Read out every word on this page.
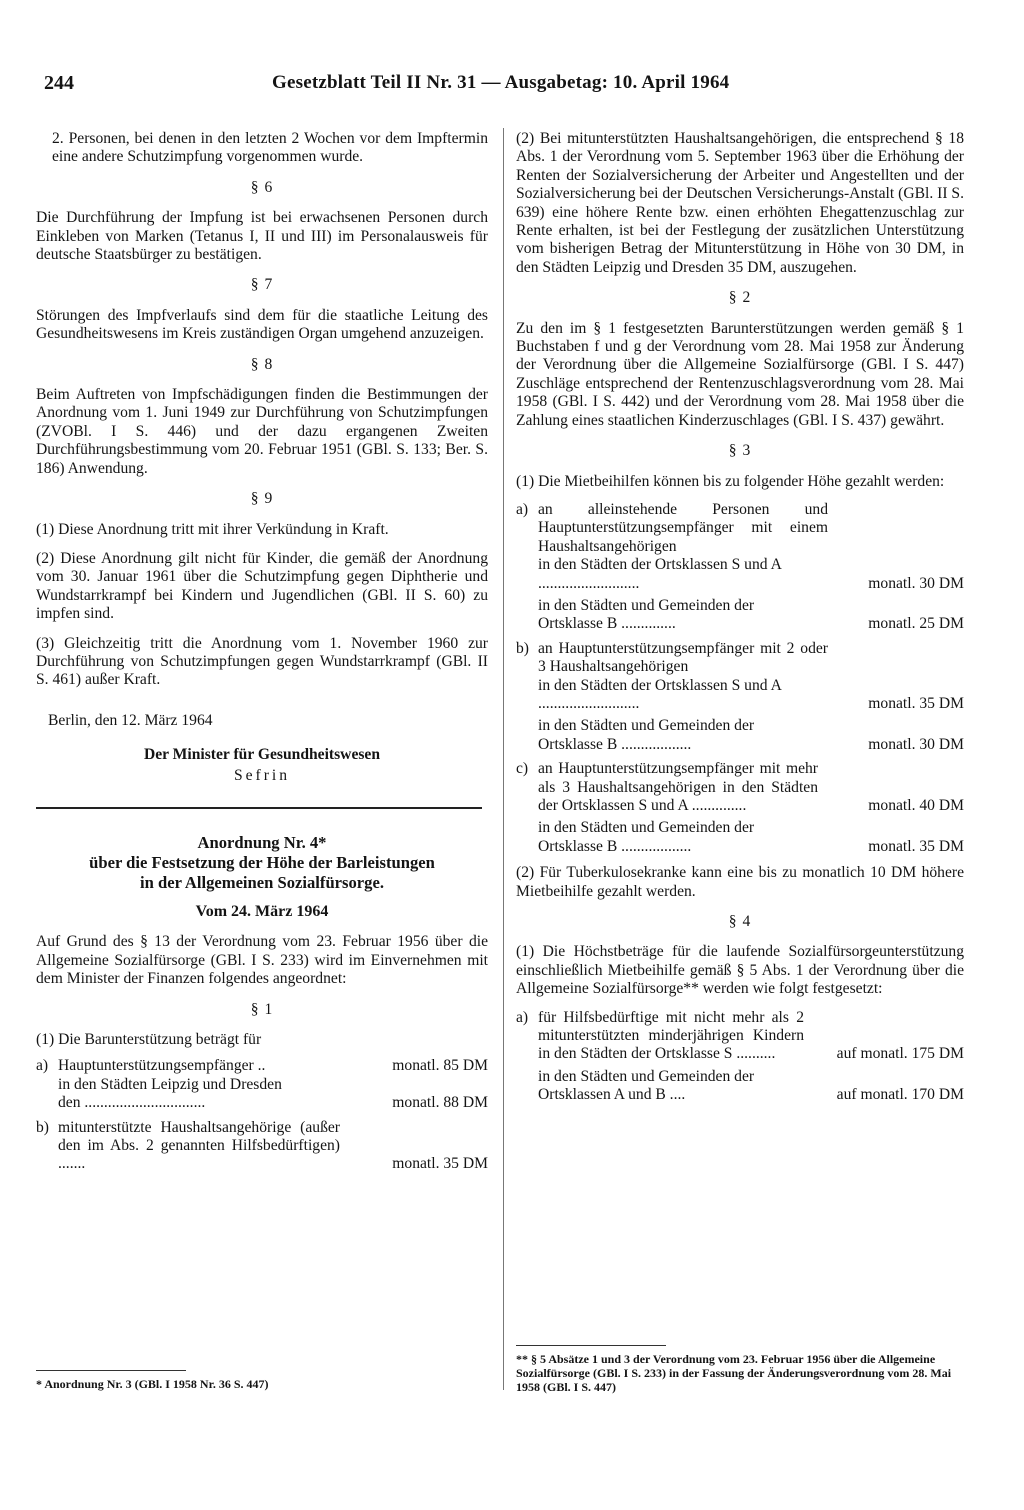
244	Gesetzblatt Teil II Nr. 31 — Ausgabetag: 10. April 1964

2. Personen, bei denen in den letzten 2 Wochen vor dem Impftermin eine andere Schutzimpfung vorgenommen wurde.

§ 6

Die Durchführung der Impfung ist bei erwachsenen Personen durch Einkleben von Marken (Tetanus I, II und III) im Personalausweis für deutsche Staatsbürger zu bestätigen.

§ 7

Störungen des Impfverlaufs sind dem für die staatliche Leitung des Gesundheitswesens im Kreis zuständigen Organ umgehend anzuzeigen.

§ 8

Beim Auftreten von Impfschädigungen finden die Bestimmungen der Anordnung vom 1. Juni 1949 zur Durchführung von Schutzimpfungen (ZVOBl. I S. 446) und der dazu ergangenen Zweiten Durchführungsbestimmung vom 20. Februar 1951 (GBl. S. 133; Ber. S. 186) Anwendung.

§ 9

(1) Diese Anordnung tritt mit ihrer Verkündung in Kraft.

(2) Diese Anordnung gilt nicht für Kinder, die gemäß der Anordnung vom 30. Januar 1961 über die Schutzimpfung gegen Diphtherie und Wundstarrkrampf bei Kindern und Jugendlichen (GBl. II S. 60) zu impfen sind.

(3) Gleichzeitig tritt die Anordnung vom 1. November 1960 zur Durchführung von Schutzimpfungen gegen Wundstarrkrampf (GBl. II S. 461) außer Kraft.

Berlin, den 12. März 1964
Der Minister für Gesundheitswesen
Sefrin
Anordnung Nr. 4*
über die Festsetzung der Höhe der Barleistungen
in der Allgemeinen Sozialfürsorge.
Vom 24. März 1964

Auf Grund des § 13 der Verordnung vom 23. Februar 1956 über die Allgemeine Sozialfürsorge (GBl. I S. 233) wird im Einvernehmen mit dem Minister der Finanzen folgendes angeordnet:

§ 1

(1) Die Barunterstützung beträgt für

a) Hauptunterstützungsempfänger ..	monatl. 85 DM
in den Städten Leipzig und Dresden
den ...............................	monatl. 88 DM
b) mitunterstützte Haushaltsangehörige (außer den im Abs. 2 genannten Hilfsbedürftigen) .......	monatl. 35 DM
* Anordnung Nr. 3 (GBl. I 1958 Nr. 36 S. 447)

(2) Bei mitunterstützten Haushaltsangehörigen, die entsprechend § 18 Abs. 1 der Verordnung vom 5. September 1963 über die Erhöhung der Renten der Sozialversicherung der Arbeiter und Angestellten und der Sozialversicherung bei der Deutschen Versicherungs-Anstalt (GBl. II S. 639) eine höhere Rente bzw. einen erhöhten Ehegattenzuschlag zur Rente erhalten, ist bei der Festlegung der zusätzlichen Unterstützung vom bisherigen Betrag der Mitunterstützung in Höhe von 30 DM, in den Städten Leipzig und Dresden 35 DM, auszugehen.

§ 2

Zu den im § 1 festgesetzten Barunterstützungen werden gemäß § 1 Buchstaben f und g der Verordnung vom 28. Mai 1958 zur Änderung der Verordnung über die Allgemeine Sozialfürsorge (GBl. I S. 447) Zuschläge entsprechend der Rentenzuschlagsverordnung vom 28. Mai 1958 (GBl. I S. 442) und der Verordnung vom 28. Mai 1958 über die Zahlung eines staatlichen Kinderzuschlages (GBl. I S. 437) gewährt.

§ 3

(1) Die Mietbeihilfen können bis zu folgender Höhe gezahlt werden:

a) an alleinstehende Personen und Hauptunterstützungsempfänger mit einem Haushaltsangehörigen
in den Städten der Ortsklassen S und A ..........................	monatl. 30 DM
in den Städten und Gemeinden der Ortsklasse B ..............	monatl. 25 DM
b) an Hauptunterstützungsempfänger mit 2 oder 3 Haushaltsangehörigen
in den Städten der Ortsklassen S und A ..........................	monatl. 35 DM
in den Städten und Gemeinden der Ortsklasse B ..................	monatl. 30 DM
c) an Hauptunterstützungsempfänger mit mehr als 3 Haushaltsangehörigen in den Städten der Ortsklassen S und A ..............	monatl. 40 DM
in den Städten und Gemeinden der Ortsklasse B ..................	monatl. 35 DM

(2) Für Tuberkulosekranke kann eine bis zu monatlich 10 DM höhere Mietbeihilfe gezahlt werden.

§ 4

(1) Die Höchstbeträge für die laufende Sozialfürsorgeunterstützung einschließlich Mietbeihilfe gemäß § 5 Abs. 1 der Verordnung über die Allgemeine Sozialfürsorge** werden wie folgt festgesetzt:

a) für Hilfsbedürftige mit nicht mehr als 2 mitunterstützten minderjährigen Kindern in den Städten der Ortsklasse S ..........	auf monatl. 175 DM
in den Städten und Gemeinden der Ortsklassen A und B ....	auf monatl. 170 DM
** § 5 Absätze 1 und 3 der Verordnung vom 23. Februar 1956 über die Allgemeine Sozialfürsorge (GBl. I S. 233) in der Fassung der Änderungsverordnung vom 28. Mai 1958 (GBl. I S. 447)
